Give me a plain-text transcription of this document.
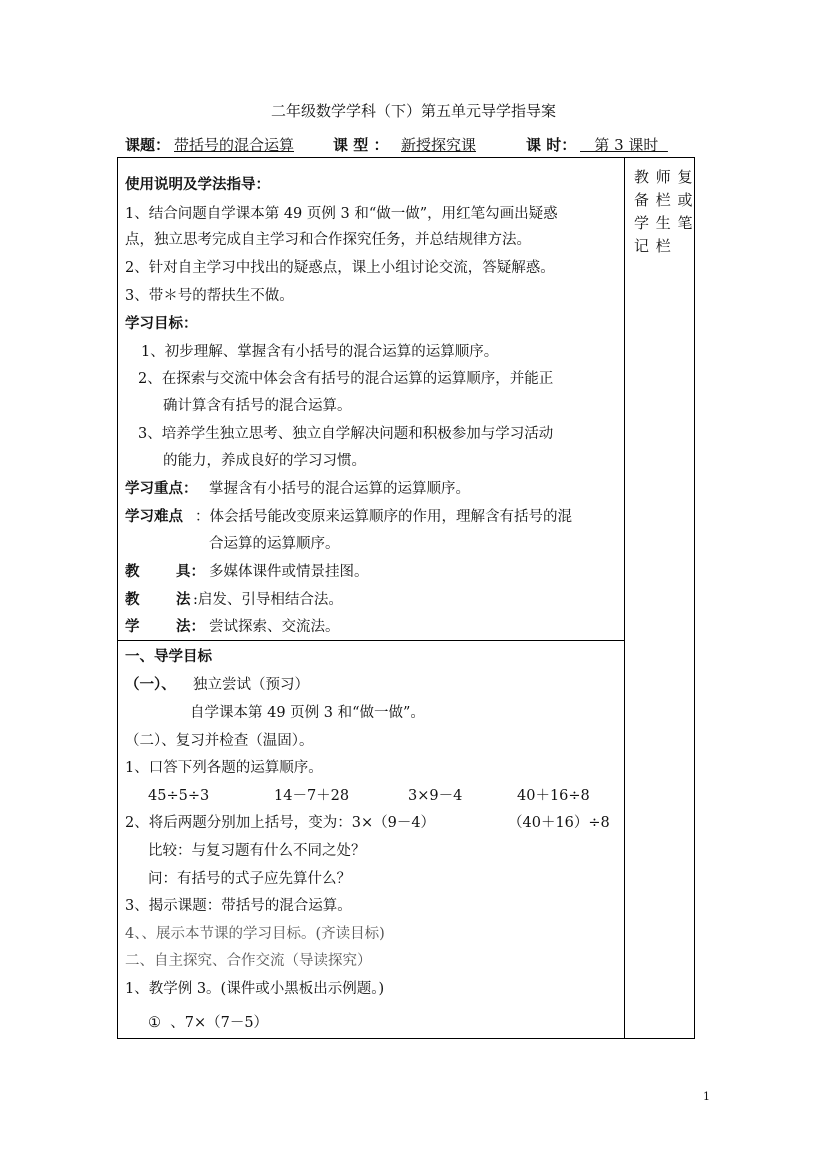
二年级数学学科（下）第五单元导学指导案
课题： 带括号的混合运算	课 型 ： 新授探究课	课 时： 第 3 课时
教 师 复
备 栏 或
学 生 笔
记 栏
使用说明及学法指导：
1、结合问题自学课本第 49 页例 3 和“做一做”，用红笔勾画出疑惑
点，独立思考完成自主学习和合作探究任务，并总结规律方法。
2、针对自主学习中找出的疑惑点，课上小组讨论交流，答疑解惑。
3、带＊号的帮扶生不做。
学习目标：
1、初步理解、掌握含有小括号的混合运算的运算顺序。
2、在探索与交流中体会含有括号的混合运算的运算顺序，并能正
确计算含有括号的混合运算。
3、培养学生独立思考、独立自学解决问题和积极参加与学习活动
的能力，养成良好的学习习惯。
学习重点： 掌握含有小括号的混合运算的运算顺序。
学习难点 ：体会括号能改变原来运算顺序的作用，理解含有括号的混
合运算的运算顺序。
教	具： 多媒体课件或情景挂图。
教	法 :启发、引导相结合法。
学	法： 尝试探索、交流法。
一、导学目标
（一）、 独立尝试（预习）
自学课本第 49 页例 3 和“做一做”。
（二）、复习并检查（温固）。
1、口答下列各题的运算顺序。
45÷5÷3	14－7＋28	3×9－4	40＋16÷8
2、将后两题分别加上括号，变为：3×（9－4）	（40＋16）÷8
比较：与复习题有什么不同之处？
问：有括号的式子应先算什么？
3、揭示课题：带括号的混合运算。
4、、展示本节课的学习目标。(齐读目标)
二、自主探究、合作交流（导读探究）
1、教学例 3。(课件或小黑板出示例题。)
①  、7×（7－5）
1
